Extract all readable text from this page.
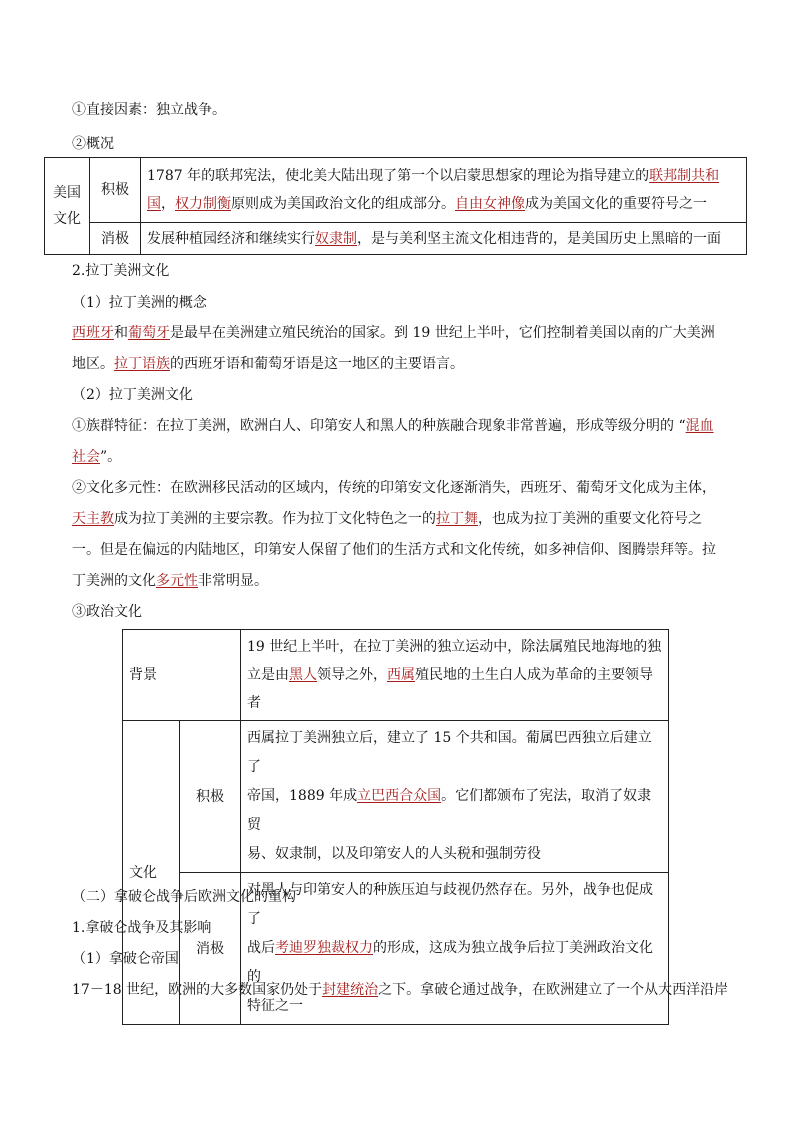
①直接因素：独立战争。
②概况
美国
文化	积极	1787 年的联邦宪法，使北美大陆出现了第一个以启蒙思想家的理论为指导建立的联邦制共和
国，权力制衡原则成为美国政治文化的组成部分。自由女神像成为美国文化的重要符号之一
	消极	发展种植园经济和继续实行奴隶制，是与美利坚主流文化相违背的，是美国历史上黑暗的一面
2.拉丁美洲文化
（1）拉丁美洲的概念
西班牙和葡萄牙是最早在美洲建立殖民统治的国家。到 19 世纪上半叶，它们控制着美国以南的广大美洲
地区。拉丁语族的西班牙语和葡萄牙语是这一地区的主要语言。
（2）拉丁美洲文化
①族群特征：在拉丁美洲，欧洲白人、印第安人和黑人的种族融合现象非常普遍，形成等级分明的 “混血
社会”。
②文化多元性：在欧洲移民活动的区域内，传统的印第安文化逐渐消失，西班牙、葡萄牙文化成为主体，
天主教成为拉丁美洲的主要宗教。作为拉丁文化特色之一的拉丁舞，也成为拉丁美洲的重要文化符号之
一。但是在偏远的内陆地区，印第安人保留了他们的生活方式和文化传统，如多神信仰、图腾崇拜等。拉
丁美洲的文化多元性非常明显。
③政治文化
背景		19 世纪上半叶，在拉丁美洲的独立运动中，除法属殖民地海地的独
立是由黑人领导之外，西属殖民地的土生白人成为革命的主要领导者
文化	积极	西属拉丁美洲独立后，建立了 15 个共和国。葡属巴西独立后建立了
帝国，1889 年成立巴西合众国。它们都颁布了宪法，取消了奴隶贸
易、奴隶制，以及印第安人的人头税和强制劳役
	消极	对黑人与印第安人的种族压迫与歧视仍然存在。另外，战争也促成了
战后考迪罗独裁权力的形成，这成为独立战争后拉丁美洲政治文化的
特征之一
（二）拿破仑战争后欧洲文化的重构
1.拿破仑战争及其影响
（1）拿破仑帝国
17－18 世纪，欧洲的大多数国家仍处于封建统治之下。拿破仑通过战争，在欧洲建立了一个从大西洋沿岸
